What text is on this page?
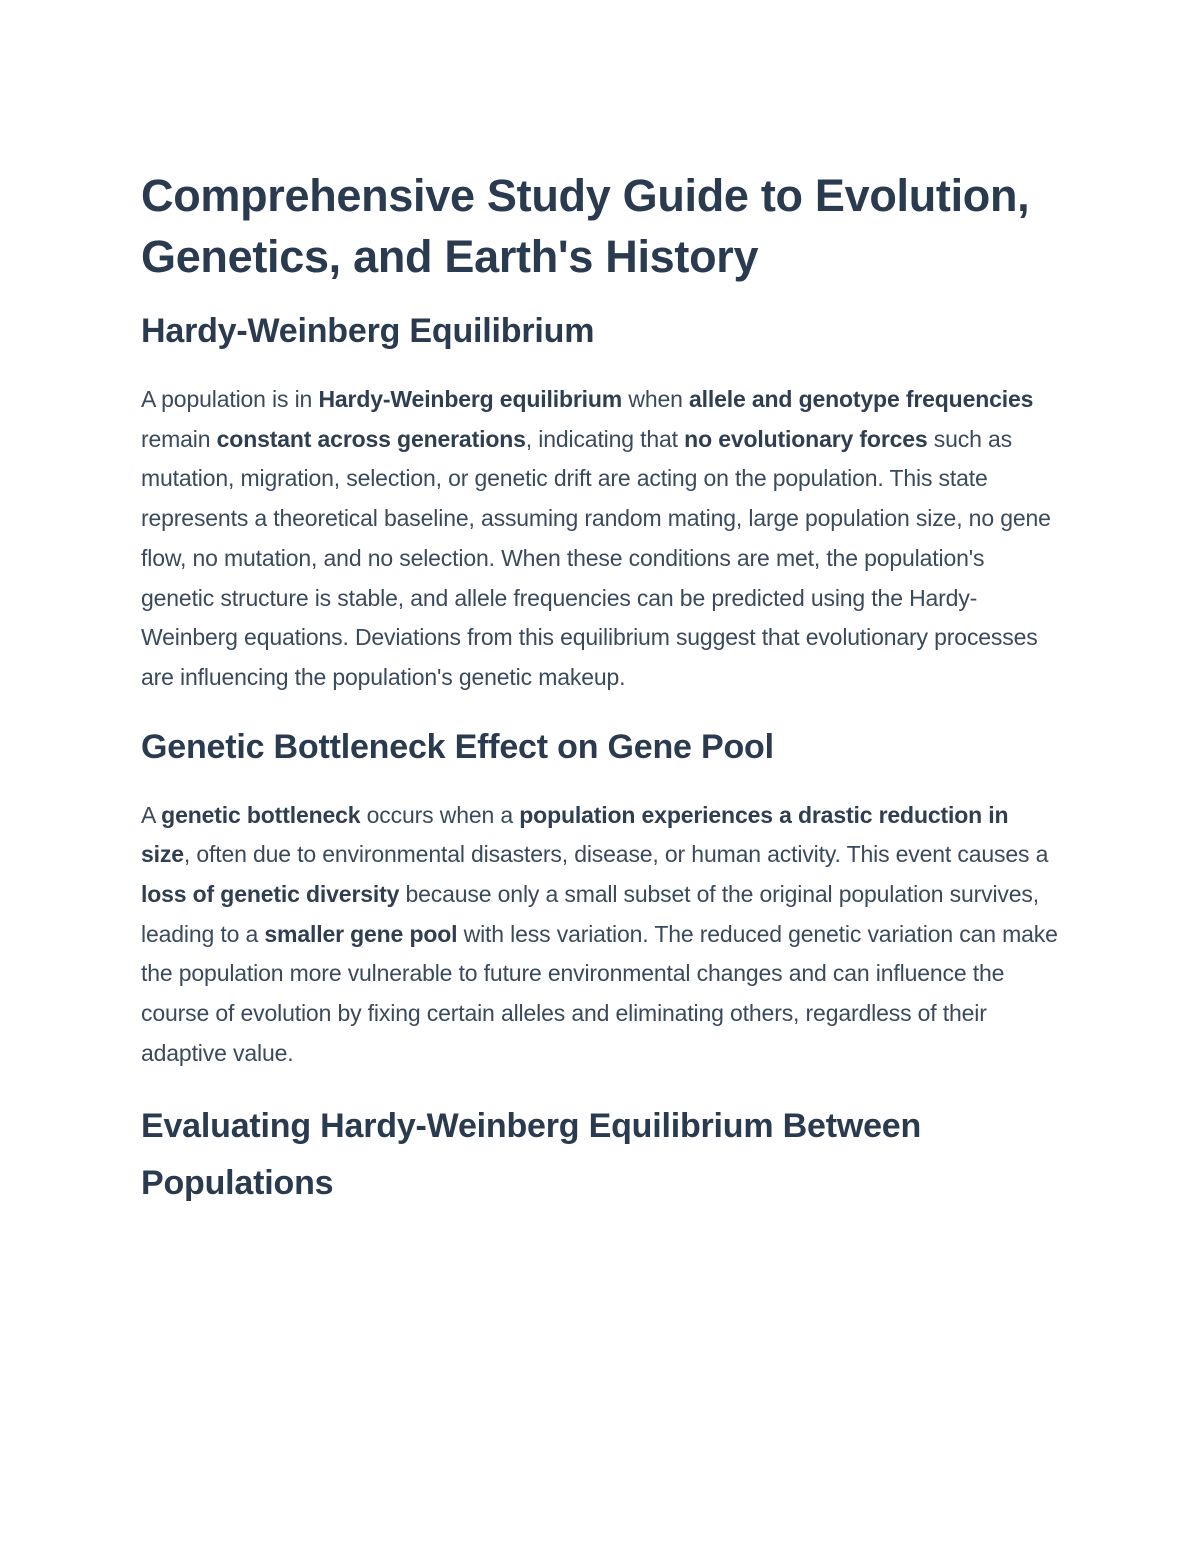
Comprehensive Study Guide to Evolution, Genetics, and Earth's History
Hardy-Weinberg Equilibrium

A population is in Hardy-Weinberg equilibrium when allele and genotype frequencies remain constant across generations, indicating that no evolutionary forces such as mutation, migration, selection, or genetic drift are acting on the population. This state represents a theoretical baseline, assuming random mating, large population size, no gene flow, no mutation, and no selection. When these conditions are met, the population's genetic structure is stable, and allele frequencies can be predicted using the Hardy-Weinberg equations. Deviations from this equilibrium suggest that evolutionary processes are influencing the population's genetic makeup.

Genetic Bottleneck Effect on Gene Pool

A genetic bottleneck occurs when a population experiences a drastic reduction in size, often due to environmental disasters, disease, or human activity. This event causes a loss of genetic diversity because only a small subset of the original population survives, leading to a smaller gene pool with less variation. The reduced genetic variation can make the population more vulnerable to future environmental changes and can influence the course of evolution by fixing certain alleles and eliminating others, regardless of their adaptive value.

Evaluating Hardy-Weinberg Equilibrium Between Populations
